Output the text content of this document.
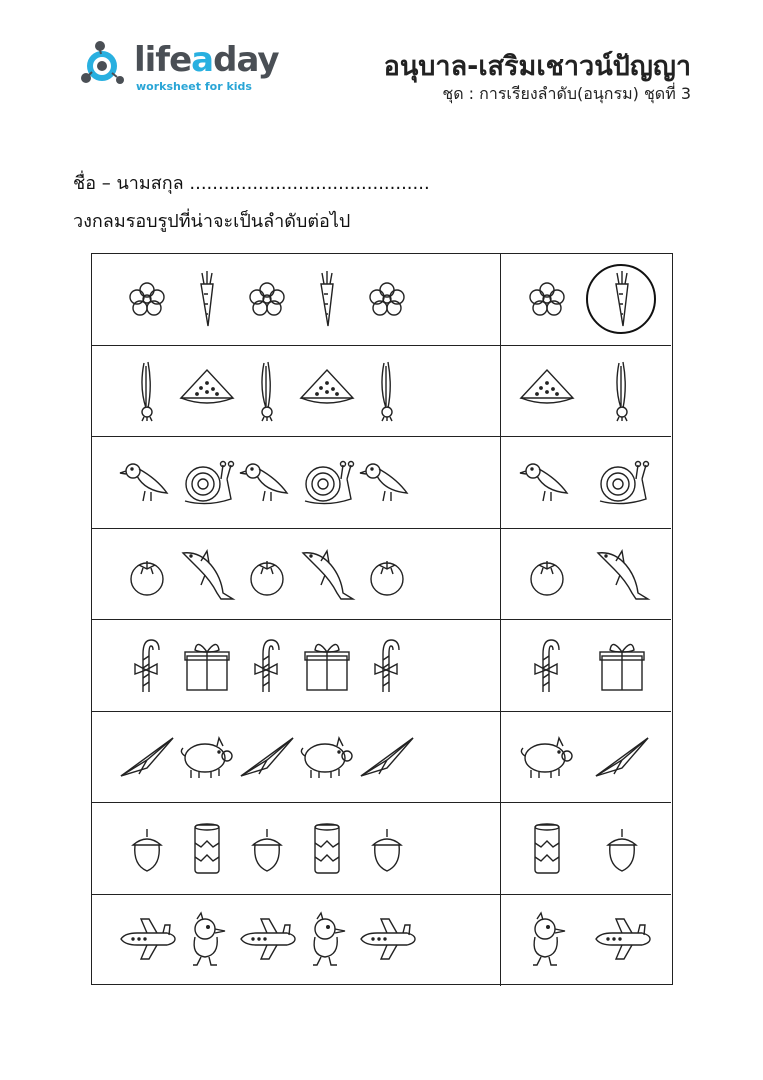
lifeaday
worksheet for kids
อนุบาล-เสริมเชาวน์ปัญญา
ชุด : การเรียงลำดับ(อนุกรม) ชุดที่ 3
ชื่อ – นามสกุล ..........................................
วงกลมรอบรูปที่น่าจะเป็นลำดับต่อไป
